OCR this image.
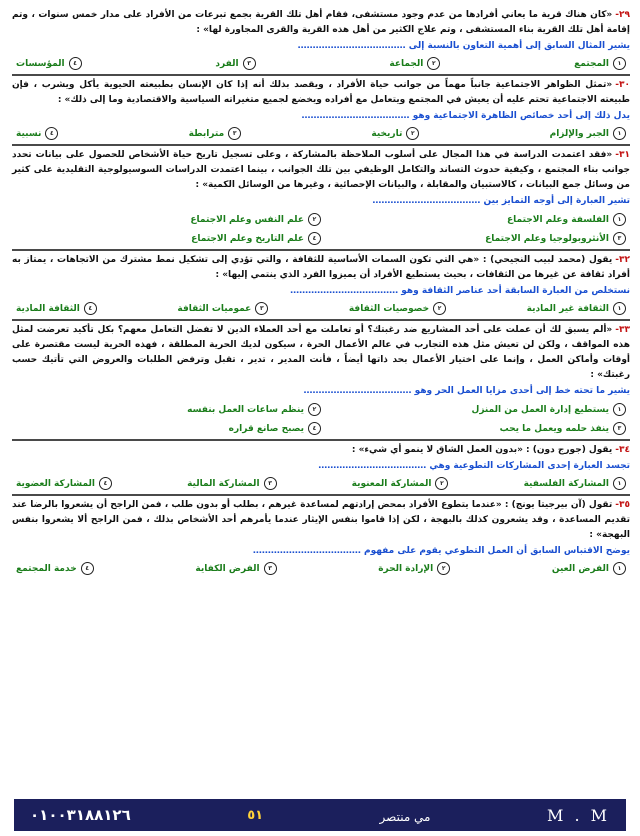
٢٩-«كان هناك قرية ما يعاني أفرادها من عدم وجود مستشفى، فقام أهل تلك القرية بجمع تبرعات من الأفراد على مدار خمس سنوات ، وتم إقامة أهل تلك القرية بناء المستشفى ، وتم علاج الكثير من أهل هذه القرية والقرى المجاورة لها» :
يشير المثال السابق إلى أهمية التعاون بالنسبة إلى ………………………………
١
المجتمع
٢
الجماعة
٣
الفرد
٤
المؤسسات
٣٠-«تمثل الظواهر الاجتماعية جانباً مهماً من جوانب حياة الأفراد ، ويقصد بذلك أنه إذا كان الإنسان بطبيعته الحيوية يأكل ويشرب ، فإن طبيعته الاجتماعية تحتم عليه أن يعيش في المجتمع ويتعامل مع أفراده ويخضع لجميع متغيراته السياسية والاقتصادية وما إلى ذلك» :
يدل ذلك إلى أحد خصائص الظاهرة الاجتماعية وهو ………………………………
١
الجبر والإلزام
٢
تاريخية
٣
مترابطة
٤
نسبية
٣١-«فقد اعتمدت الدراسة في هذا المجال على أسلوب الملاحظة بالمشاركة ، وعلى تسجيل تاريخ حياة الأشخاص للحصول على بيانات تحدد جوانب بناء المجتمع ، وكيفية حدوث التساند والتكامل الوظيفي بين تلك الجوانب ، بينما اعتمدت الدراسات السوسيولوجية التقليدية على كثير من وسائل جمع البيانات ، كالاستبيان والمقابلة ، والبيانات الإحصائية ، وغيرها من الوسائل الكمية» :
تشير العبارة إلى أوجه التمايز بين ………………………………
١
الفلسفة وعلم الاجتماع
٢
علم النفس وعلم الاجتماع
٣
الأنثروبولوجيا وعلم الاجتماع
٤
علم التاريخ وعلم الاجتماع
٣٢-يقول (محمد لبيب النجيحي) : «هي التي تكون السمات الأساسية للثقافة ، والتي تؤدي إلى تشكيل نمط مشترك من الاتجاهات ، يمتاز به أفراد ثقافة عن غيرها من الثقافات ، بحيث يستطيع الأفراد أن يميزوا الفرد الذي ينتمي إليها» :
نستخلص من العبارة السابقة أحد عناصر الثقافة وهو ………………………………
١
الثقافة غير المادية
٢
خصوصيات الثقافة
٣
عموميات الثقافة
٤
الثقافة المادية
٣٣-«ألم يسبق لك أن عملت على أحد المشاريع ضد رغبتك؟ أو تعاملت مع أحد العملاء الذين لا تفضل التعامل معهم؟ بكل تأكيد تعرضت لمثل هذه المواقف ، ولكن لن تعيش مثل هذه التجارب في عالم الأعمال الحرة ، سيكون لديك الحرية المطلقة ، فهذه الحرية ليست مقتصرة على أوقات وأماكن العمل ، وإنما على اختيار الأعمال بحد ذاتها أيضاً ، فأنت المدير ، تدير ، تقبل وترفض الطلبات والعروض التي تأتيك حسب رغبتك» :
يشير ما تحته خط إلى أحدى مزايا العمل الحر وهو ………………………………
١
يستطيع إدارة العمل من المنزل
٢
ينظم ساعات العمل بنفسه
٣
ينفذ حلمه ويعمل ما يحب
٤
يصبح صانع قراره
٣٤-يقول (جورج دون) : «بدون العمل الشاق لا ينمو أي شيء» :
تجسد العبارة إحدى المشاركات التطوعية وهي ………………………………
١
المشاركة الفلسفية
٢
المشاركة المعنوية
٣
المشاركة المالية
٤
المشاركة العضوية
٣٥-تقول (آن بيرجيتا يونج) : «عندما يتطوع الأفراد بمحض إرادتهم لمساعدة غيرهم ، بطلب أو بدون طلب ، فمن الراجح أن يشعروا بالرضا عند تقديم المساعدة ، وقد يشعرون كذلك بالبهجة ، لكن إذا قاموا بنفس الإيثار عندما يأمرهم أحد الأشخاص بذلك ، فمن الراجح ألا يشعروا بنفس البهجة» :
يوضح الاقتباس السابق أن العمل التطوعي يقوم على مفهوم ………………………………
١
الفرض العين
٢
الإرادة الحرة
٣
الفرض الكفاية
٤
خدمة المجتمع
M . M
مي منتصر
٥١
٠١٠٠٣١٨٨١٢٦
